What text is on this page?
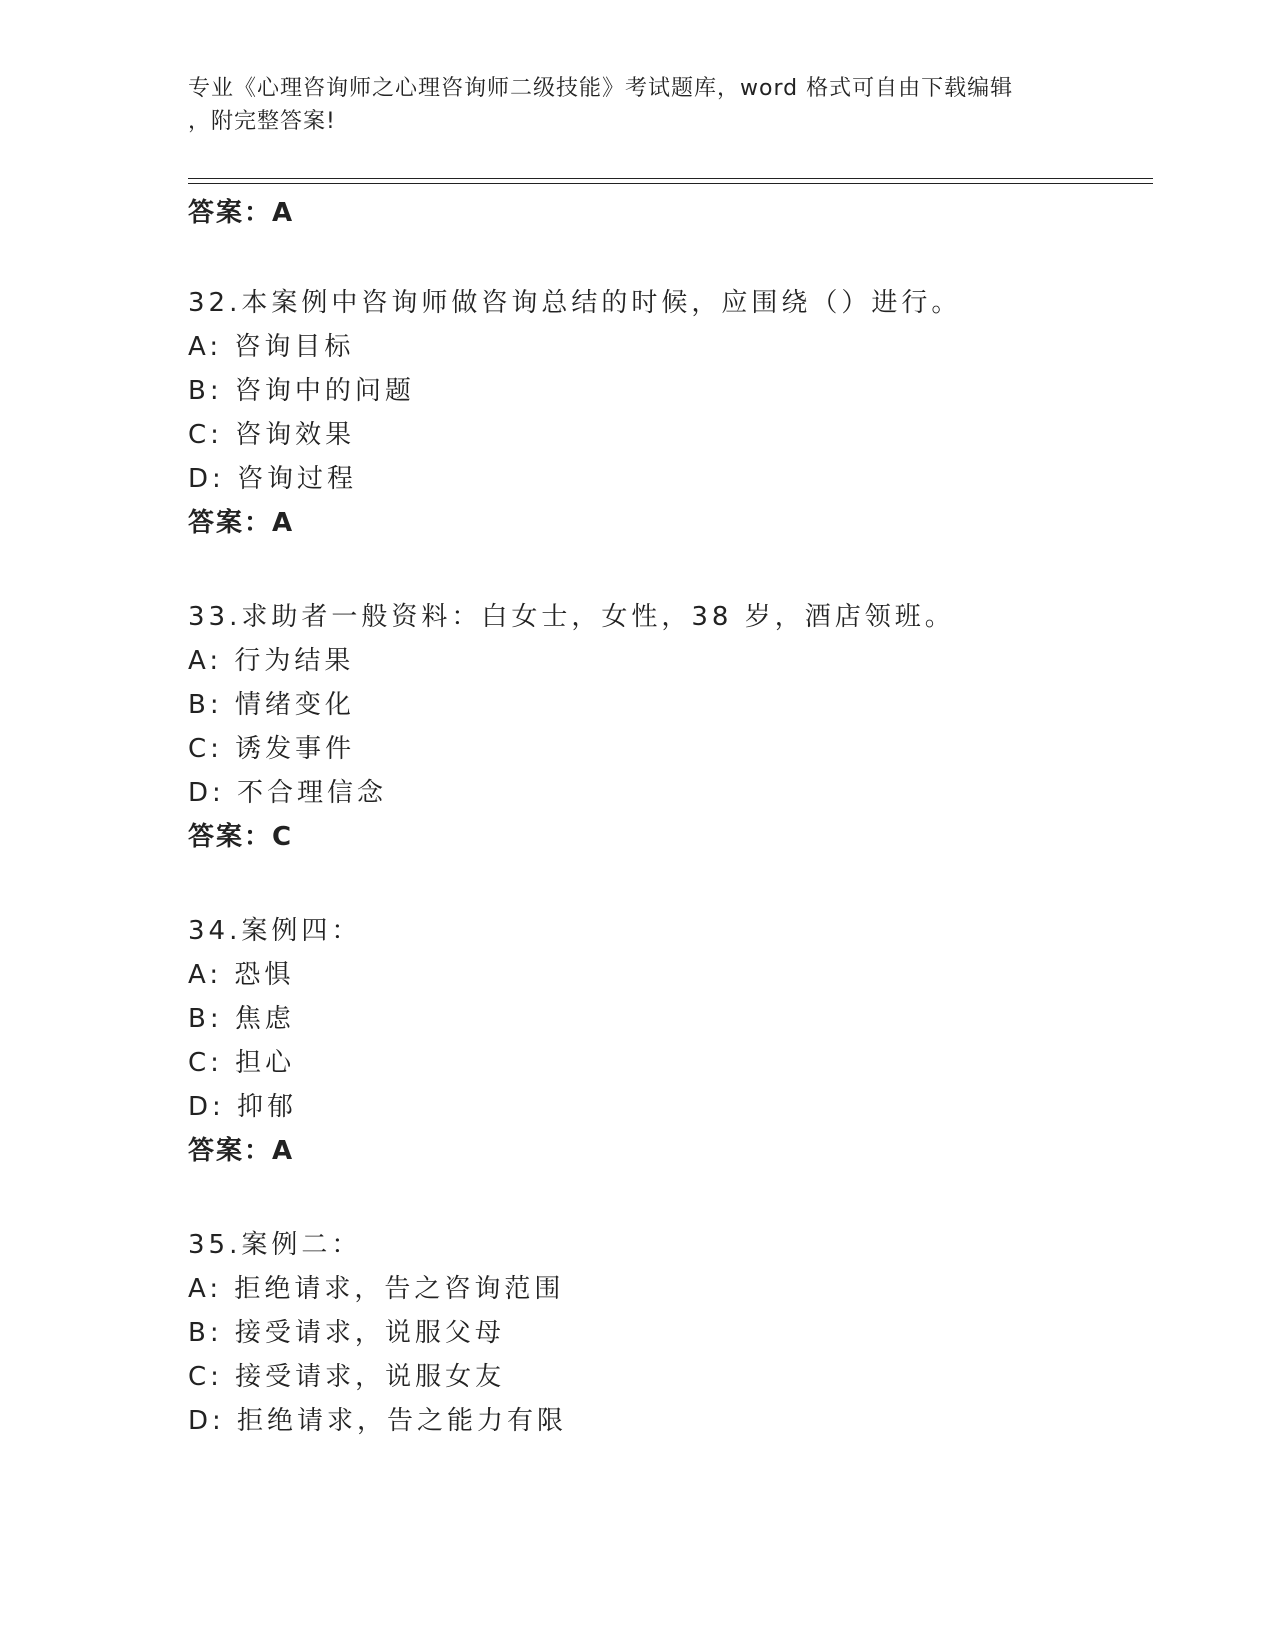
专业《心理咨询师之心理咨询师二级技能》考试题库，word 格式可自由下载编辑
，附完整答案!
答案：A
32.本案例中咨询师做咨询总结的时候，应围绕（）进行。
A: 咨询目标
B: 咨询中的问题
C: 咨询效果
D: 咨询过程
答案：A
33.求助者一般资料：白女士，女性，38 岁，酒店领班。
A: 行为结果
B: 情绪变化
C: 诱发事件
D: 不合理信念
答案：C
34.案例四：
A: 恐惧
B: 焦虑
C: 担心
D: 抑郁
答案：A
35.案例二：
A: 拒绝请求，告之咨询范围
B: 接受请求，说服父母
C: 接受请求，说服女友
D: 拒绝请求，告之能力有限
